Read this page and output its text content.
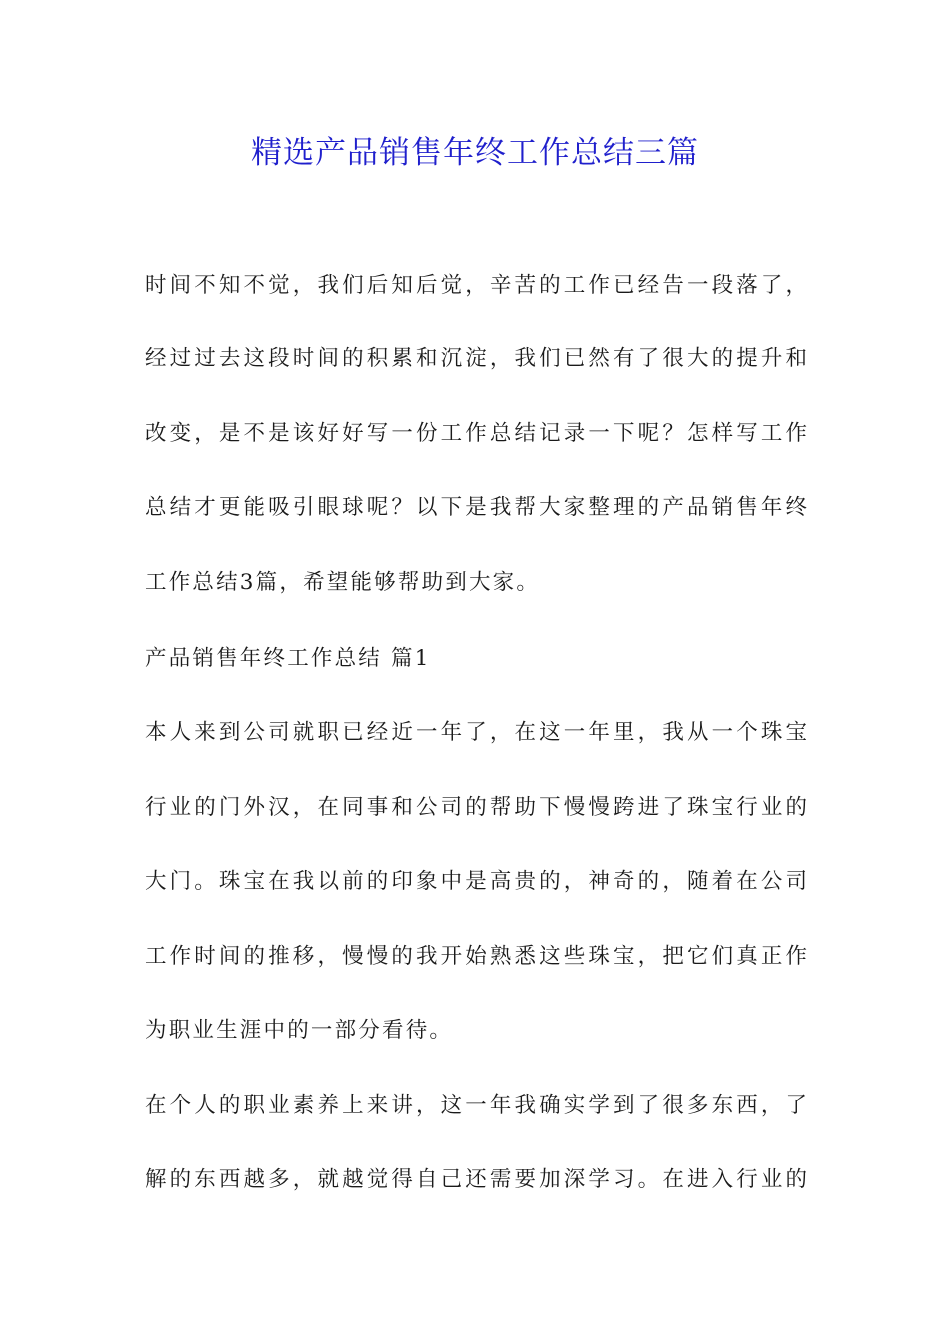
精选产品销售年终工作总结三篇
时间不知不觉，我们后知后觉，辛苦的工作已经告一段落了，
经过过去这段时间的积累和沉淀，我们已然有了很大的提升和
改变，是不是该好好写一份工作总结记录一下呢？怎样写工作
总结才更能吸引眼球呢？以下是我帮大家整理的产品销售年终
工作总结3篇，希望能够帮助到大家。
产品销售年终工作总结 篇1
本人来到公司就职已经近一年了，在这一年里，我从一个珠宝
行业的门外汉，在同事和公司的帮助下慢慢跨进了珠宝行业的
大门。珠宝在我以前的印象中是高贵的，神奇的，随着在公司
工作时间的推移，慢慢的我开始熟悉这些珠宝，把它们真正作
为职业生涯中的一部分看待。
在个人的职业素养上来讲，这一年我确实学到了很多东西，了
解的东西越多，就越觉得自己还需要加深学习。在进入行业的
